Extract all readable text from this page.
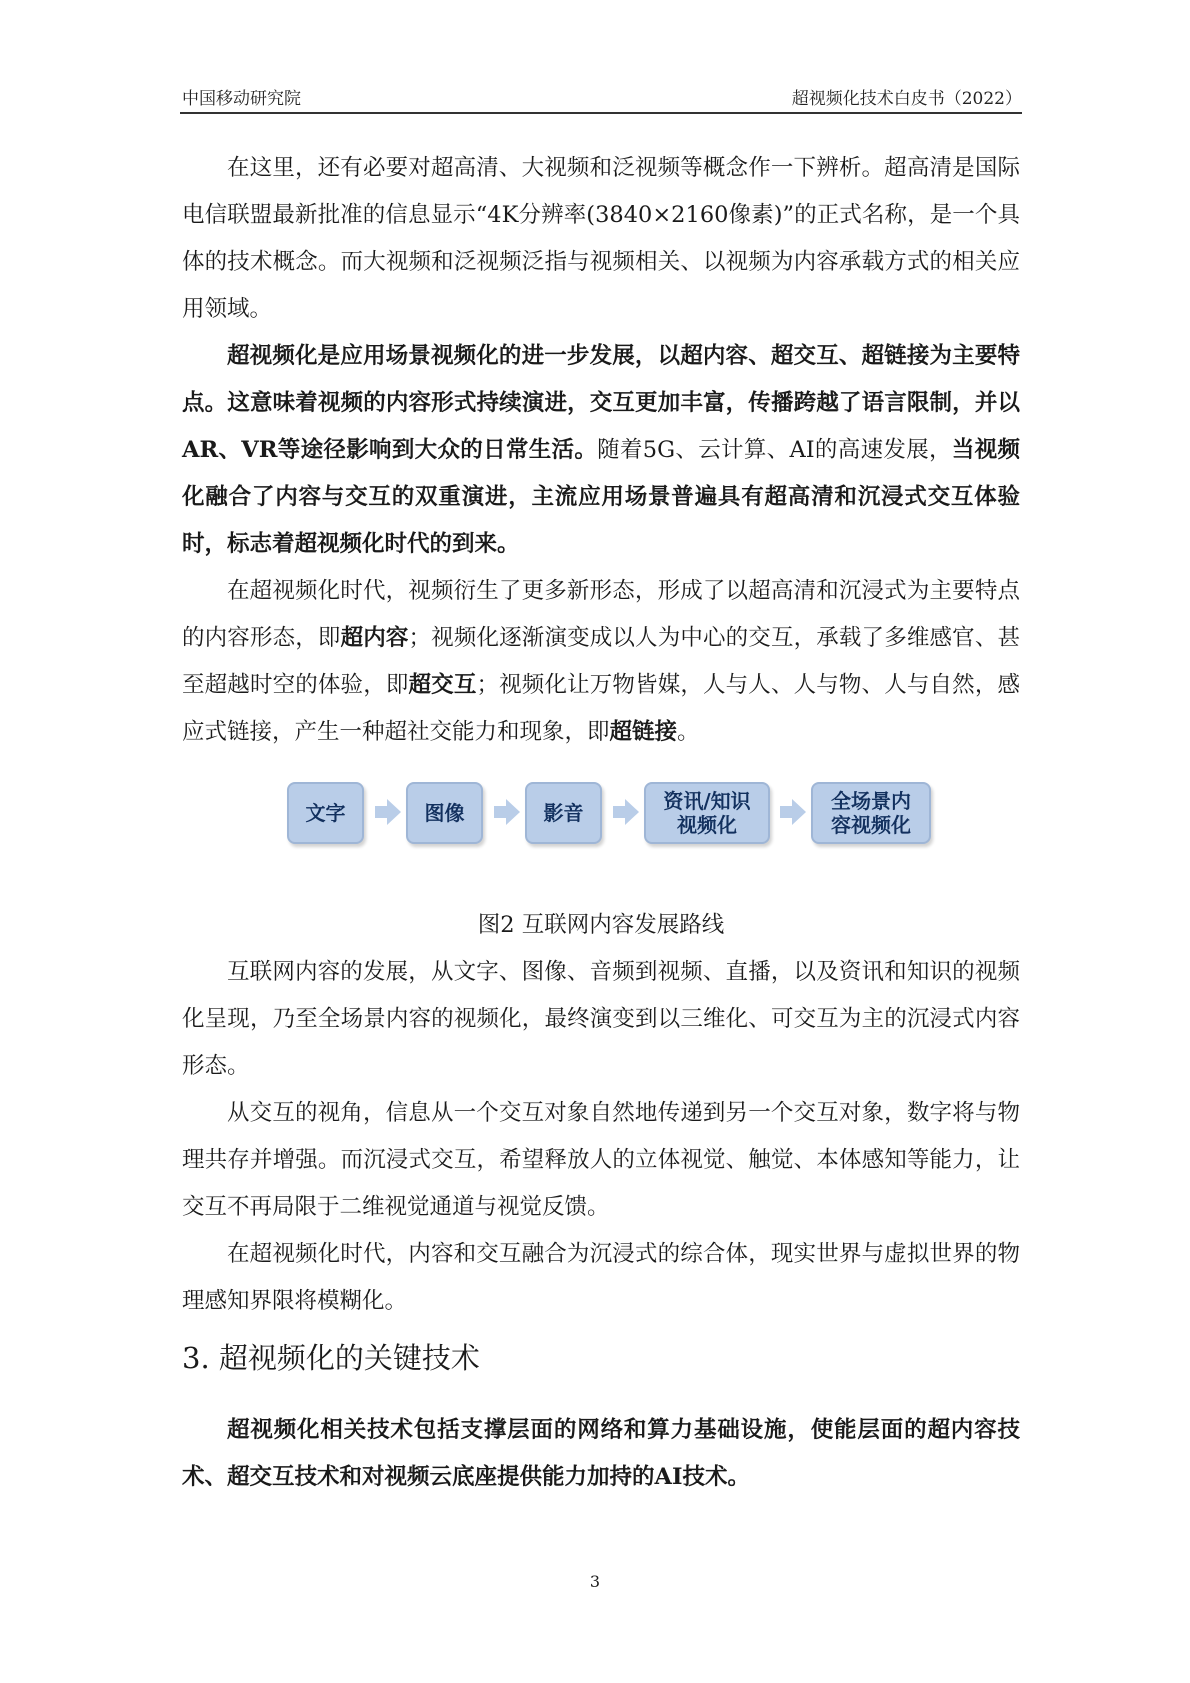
中国移动研究院	超视频化技术白皮书（2022）

在这里，还有必要对超高清、大视频和泛视频等概念作一下辨析。超高清是国际电信联盟最新批准的信息显示“4K分辨率(3840×2160像素)”的正式名称，是一个具体的技术概念。而大视频和泛视频泛指与视频相关、以视频为内容承载方式的相关应用领域。

超视频化是应用场景视频化的进一步发展，以超内容、超交互、超链接为主要特点。这意味着视频的内容形式持续演进，交互更加丰富，传播跨越了语言限制，并以AR、VR等途径影响到大众的日常生活。随着5G、云计算、AI的高速发展，当视频化融合了内容与交互的双重演进，主流应用场景普遍具有超高清和沉浸式交互体验时，标志着超视频化时代的到来。

在超视频化时代，视频衍生了更多新形态，形成了以超高清和沉浸式为主要特点的内容形态，即超内容；视频化逐渐演变成以人为中心的交互，承载了多维感官、甚至超越时空的体验，即超交互；视频化让万物皆媒，人与人、人与物、人与自然，感应式链接，产生一种超社交能力和现象，即超链接。

文字	图像	影音	资讯/知识
视频化
全场景内
容视频化

图2 互联网内容发展路线

互联网内容的发展，从文字、图像、音频到视频、直播，以及资讯和知识的视频化呈现，乃至全场景内容的视频化，最终演变到以三维化、可交互为主的沉浸式内容形态。

从交互的视角，信息从一个交互对象自然地传递到另一个交互对象，数字将与物理共存并增强。而沉浸式交互，希望释放人的立体视觉、触觉、本体感知等能力，让交互不再局限于二维视觉通道与视觉反馈。

在超视频化时代，内容和交互融合为沉浸式的综合体，现实世界与虚拟世界的物理感知界限将模糊化。

3. 超视频化的关键技术

超视频化相关技术包括支撑层面的网络和算力基础设施，使能层面的超内容技术、超交互技术和对视频云底座提供能力加持的AI技术。

3
